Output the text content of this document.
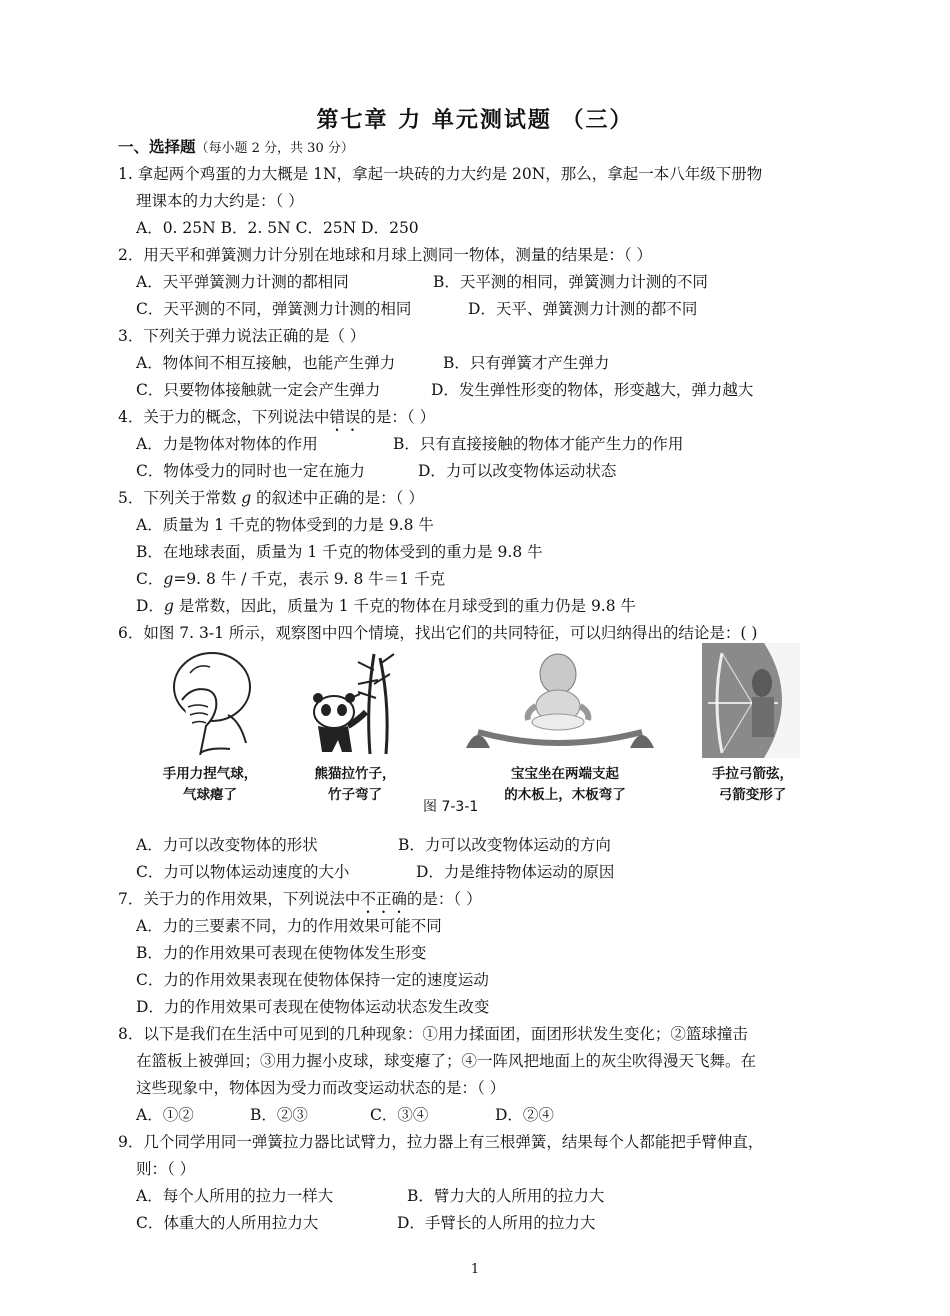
第七章 力 单元测试题 （三）
一、选择题（每小题 2 分，共 30 分）
1. 拿起两个鸡蛋的力大概是 1N，拿起一块砖的力大约是 20N，那么，拿起一本八年级下册物
理课本的力大约是：（ ）
A．0. 25N B．2. 5N C．25N D．250
2．用天平和弹簧测力计分别在地球和月球上测同一物体，测量的结果是：（ ）
A．天平弹簧测力计测的都相同	B．天平测的相同，弹簧测力计测的不同
C．天平测的不同，弹簧测力计测的相同	D．天平、弹簧测力计测的都不同
3．下列关于弹力说法正确的是（ ）
A．物体间不相互接触，也能产生弹力	B．只有弹簧才产生弹力
C．只要物体接触就一定会产生弹力	D．发生弹性形变的物体，形变越大，弹力越大
4．关于力的概念，下列说法中错误的是：（ ）
A．力是物体对物体的作用	B．只有直接接触的物体才能产生力的作用
C．物体受力的同时也一定在施力	D．力可以改变物体运动状态
5．下列关于常数 g 的叙述中正确的是：（ ）
A．质量为 1 千克的物体受到的力是 9.8 牛
B．在地球表面，质量为 1 千克的物体受到的重力是 9.8 牛
C．g=9. 8 牛 / 千克，表示 9. 8 牛＝1 千克
D．g 是常数，因此，质量为 1 千克的物体在月球受到的重力仍是 9.8 牛
6．如图 7. 3-1 所示，观察图中四个情境，找出它们的共同特征，可以归纳得出的结论是：( )
手用力捏气球，
气球瘪了
熊猫拉竹子，
竹子弯了
宝宝坐在两端支起
的木板上，木板弯了
手拉弓箭弦，
弓箭变形了
图 7-3-1
A．力可以改变物体的形状	B．力可以改变物体运动的方向
C．力可以物体运动速度的大小	D．力是维持物体运动的原因
7．关于力的作用效果，下列说法中不正确的是：（ ）
A．力的三要素不同，力的作用效果可能不同
B．力的作用效果可表现在使物体发生形变
C．力的作用效果表现在使物体保持一定的速度运动
D．力的作用效果可表现在使物体运动状态发生改变
8．以下是我们在生活中可见到的几种现象：①用力揉面团，面团形状发生变化；②篮球撞击
在篮板上被弹回；③用力握小皮球，球变瘪了；④一阵风把地面上的灰尘吹得漫天飞舞。在
这些现象中，物体因为受力而改变运动状态的是：（ ）
A．①②	B．②③	C．③④	D．②④
9．几个同学用同一弹簧拉力器比试臂力，拉力器上有三根弹簧，结果每个人都能把手臂伸直，
则：（ ）
A．每个人所用的拉力一样大	B．臂力大的人所用的拉力大
C．体重大的人所用拉力大	D．手臂长的人所用的拉力大
1
